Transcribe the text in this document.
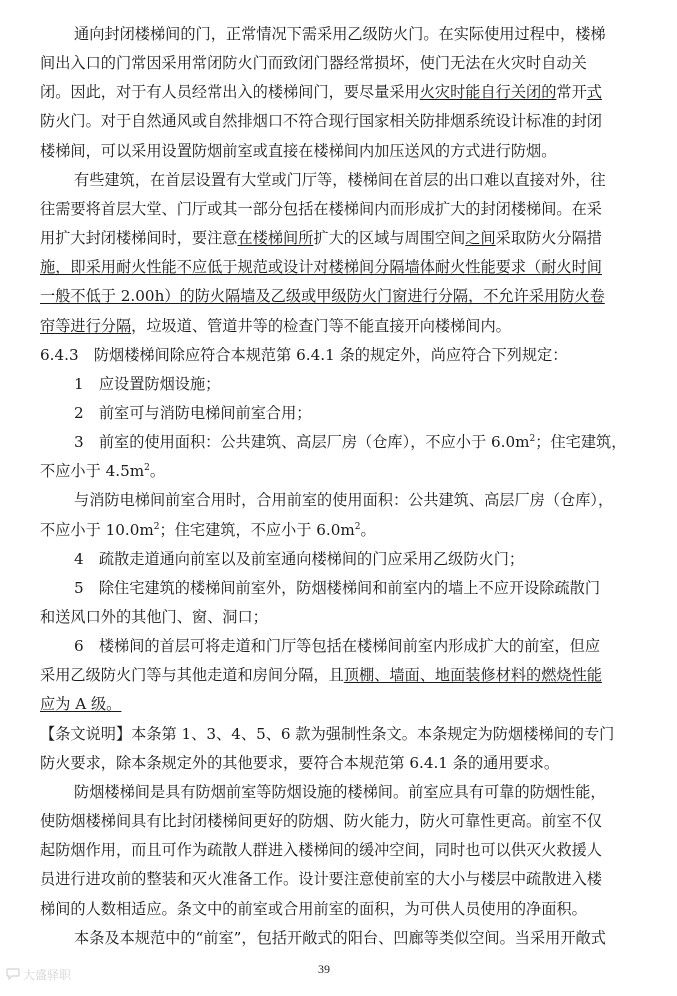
通向封闭楼梯间的门，正常情况下需采用乙级防火门。在实际使用过程中，楼梯
间出入口的门常因采用常闭防火门而致闭门器经常损坏，使门无法在火灾时自动关
闭。因此，对于有人员经常出入的楼梯间门，要尽量采用火灾时能自行关闭的常开式
防火门。对于自然通风或自然排烟口不符合现行国家相关防排烟系统设计标准的封闭
楼梯间，可以采用设置防烟前室或直接在楼梯间内加压送风的方式进行防烟。
有些建筑，在首层设置有大堂或门厅等，楼梯间在首层的出口难以直接对外，往
往需要将首层大堂、门厅或其一部分包括在楼梯间内而形成扩大的封闭楼梯间。在采
用扩大封闭楼梯间时，要注意在楼梯间所扩大的区域与周围空间之间采取防火分隔措
施，即采用耐火性能不应低于规范或设计对楼梯间分隔墙体耐火性能要求（耐火时间
一般不低于 2.00h）的防火隔墙及乙级或甲级防火门窗进行分隔，不允许采用防火卷
帘等进行分隔，垃圾道、管道井等的检查门等不能直接开向楼梯间内。
6.4.3　防烟楼梯间除应符合本规范第 6.4.1 条的规定外，尚应符合下列规定：
1　应设置防烟设施；
2　前室可与消防电梯间前室合用；
3　前室的使用面积：公共建筑、高层厂房（仓库），不应小于 $6.0m^2$；住宅建筑，
不应小于 $4.5m^2$。
与消防电梯间前室合用时，合用前室的使用面积：公共建筑、高层厂房（仓库），
不应小于 $10.0m^2$；住宅建筑，不应小于 $6.0m^2$。
4　疏散走道通向前室以及前室通向楼梯间的门应采用乙级防火门；
5　除住宅建筑的楼梯间前室外，防烟楼梯间和前室内的墙上不应开设除疏散门
和送风口外的其他门、窗、洞口；
6　楼梯间的首层可将走道和门厅等包括在楼梯间前室内形成扩大的前室，但应
采用乙级防火门等与其他走道和房间分隔，且顶棚、墙面、地面装修材料的燃烧性能
应为 A 级。
【条文说明】本条第 1、3、4、5、6 款为强制性条文。本条规定为防烟楼梯间的专门
防火要求，除本条规定外的其他要求，要符合本规范第 6.4.1 条的通用要求。
防烟楼梯间是具有防烟前室等防烟设施的楼梯间。前室应具有可靠的防烟性能，
使防烟楼梯间具有比封闭楼梯间更好的防烟、防火能力，防火可靠性更高。前室不仅
起防烟作用，而且可作为疏散人群进入楼梯间的缓冲空间，同时也可以供灭火救援人
员进行进攻前的整装和灭火准备工作。设计要注意使前室的大小与楼层中疏散进入楼
梯间的人数相适应。条文中的前室或合用前室的面积，为可供人员使用的净面积。
本条及本规范中的“前室”，包括开敞式的阳台、凹廊等类似空间。当采用开敞式
39
大盛驿职
